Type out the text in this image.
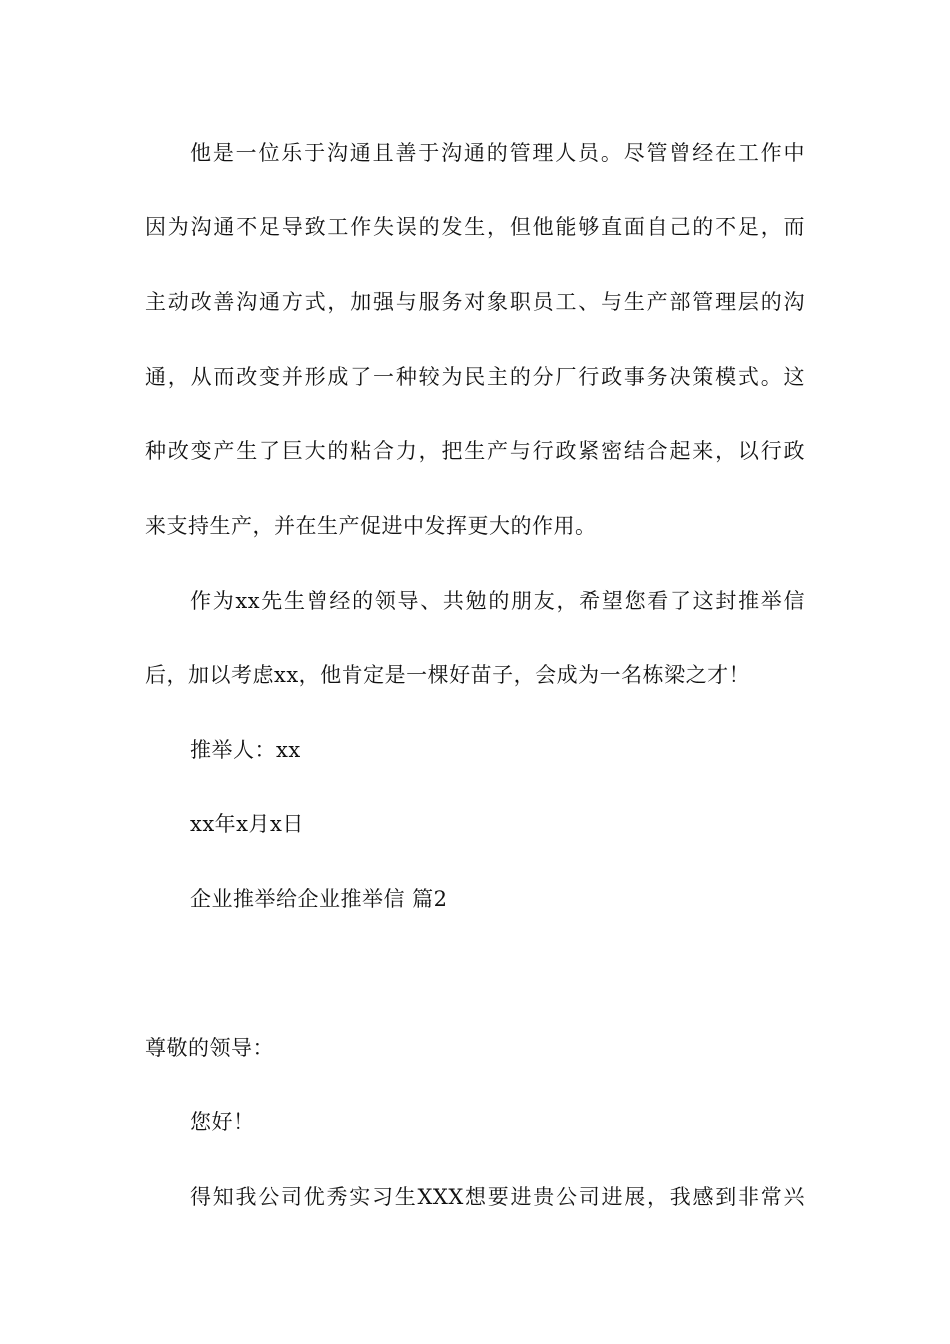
他是一位乐于沟通且善于沟通的管理人员。尽管曾经在工作中
因为沟通不足导致工作失误的发生，但他能够直面自己的不足，而
主动改善沟通方式，加强与服务对象职员工、与生产部管理层的沟
通，从而改变并形成了一种较为民主的分厂行政事务决策模式。这
种改变产生了巨大的粘合力，把生产与行政紧密结合起来，以行政
来支持生产，并在生产促进中发挥更大的作用。
作为xx先生曾经的领导、共勉的朋友，希望您看了这封推举信
后，加以考虑xx，他肯定是一棵好苗子，会成为一名栋梁之才！
推举人：xx
xx年x月x日
企业推举给企业推举信 篇2
尊敬的领导：
您好！
得知我公司优秀实习生XXX想要进贵公司进展，我感到非常兴
